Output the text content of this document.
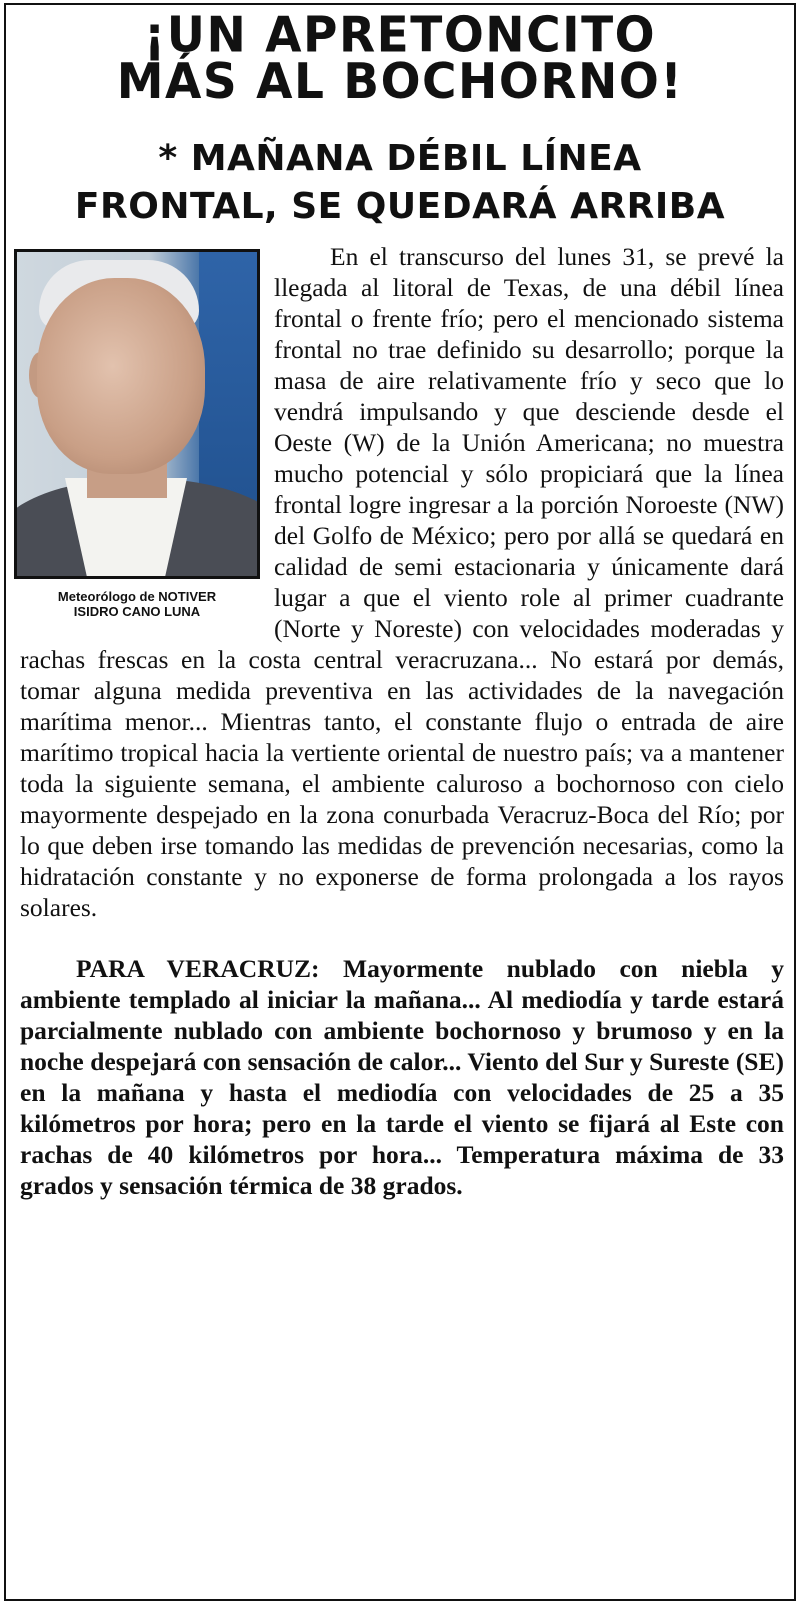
¡UN APRETONCITO
MÁS AL BOCHORNO!
* MAÑANA DÉBIL LÍNEA
FRONTAL, SE QUEDARÁ ARRIBA
Meteorólogo de NOTIVER
ISIDRO CANO LUNA

En el transcurso del lunes 31, se prevé la llegada al litoral de Texas, de una débil línea frontal o frente frío; pero el mencionado sistema frontal no trae definido su desarrollo; porque la masa de aire relativamente frío y seco que lo vendrá impulsando y que desciende desde el Oeste (W) de la Unión Americana; no muestra mucho potencial y sólo propiciará que la línea frontal logre ingresar a la porción Noroeste (NW) del Golfo de México; pero por allá se quedará en calidad de semi estacionaria y únicamente dará lugar a que el viento role al primer cuadrante (Norte y Noreste) con velocidades moderadas y rachas frescas en la costa central veracruzana... No estará por demás, tomar alguna medida preventiva en las actividades de la navegación marítima menor... Mientras tanto, el constante flujo o entrada de aire marítimo tropical hacia la vertiente oriental de nuestro país; va a mantener toda la siguiente semana, el ambiente caluroso a bochornoso con cielo mayormente despejado en la zona conurbada Veracruz-Boca del Río; por lo que deben irse tomando las medidas de prevención necesarias, como la hidratación constante y no exponerse de forma prolongada a los rayos solares.

PARA VERACRUZ: Mayormente nublado con niebla y ambiente templado al iniciar la mañana... Al mediodía y tarde estará parcialmente nublado con ambiente bochornoso y brumoso y en la noche despejará con sensación de calor... Viento del Sur y Sureste (SE) en la mañana y hasta el mediodía con velocidades de 25 a 35 kilómetros por hora; pero en la tarde el viento se fijará al Este con rachas de 40 kilómetros por hora... Temperatura máxima de 33 grados y sensación térmica de 38 grados.
